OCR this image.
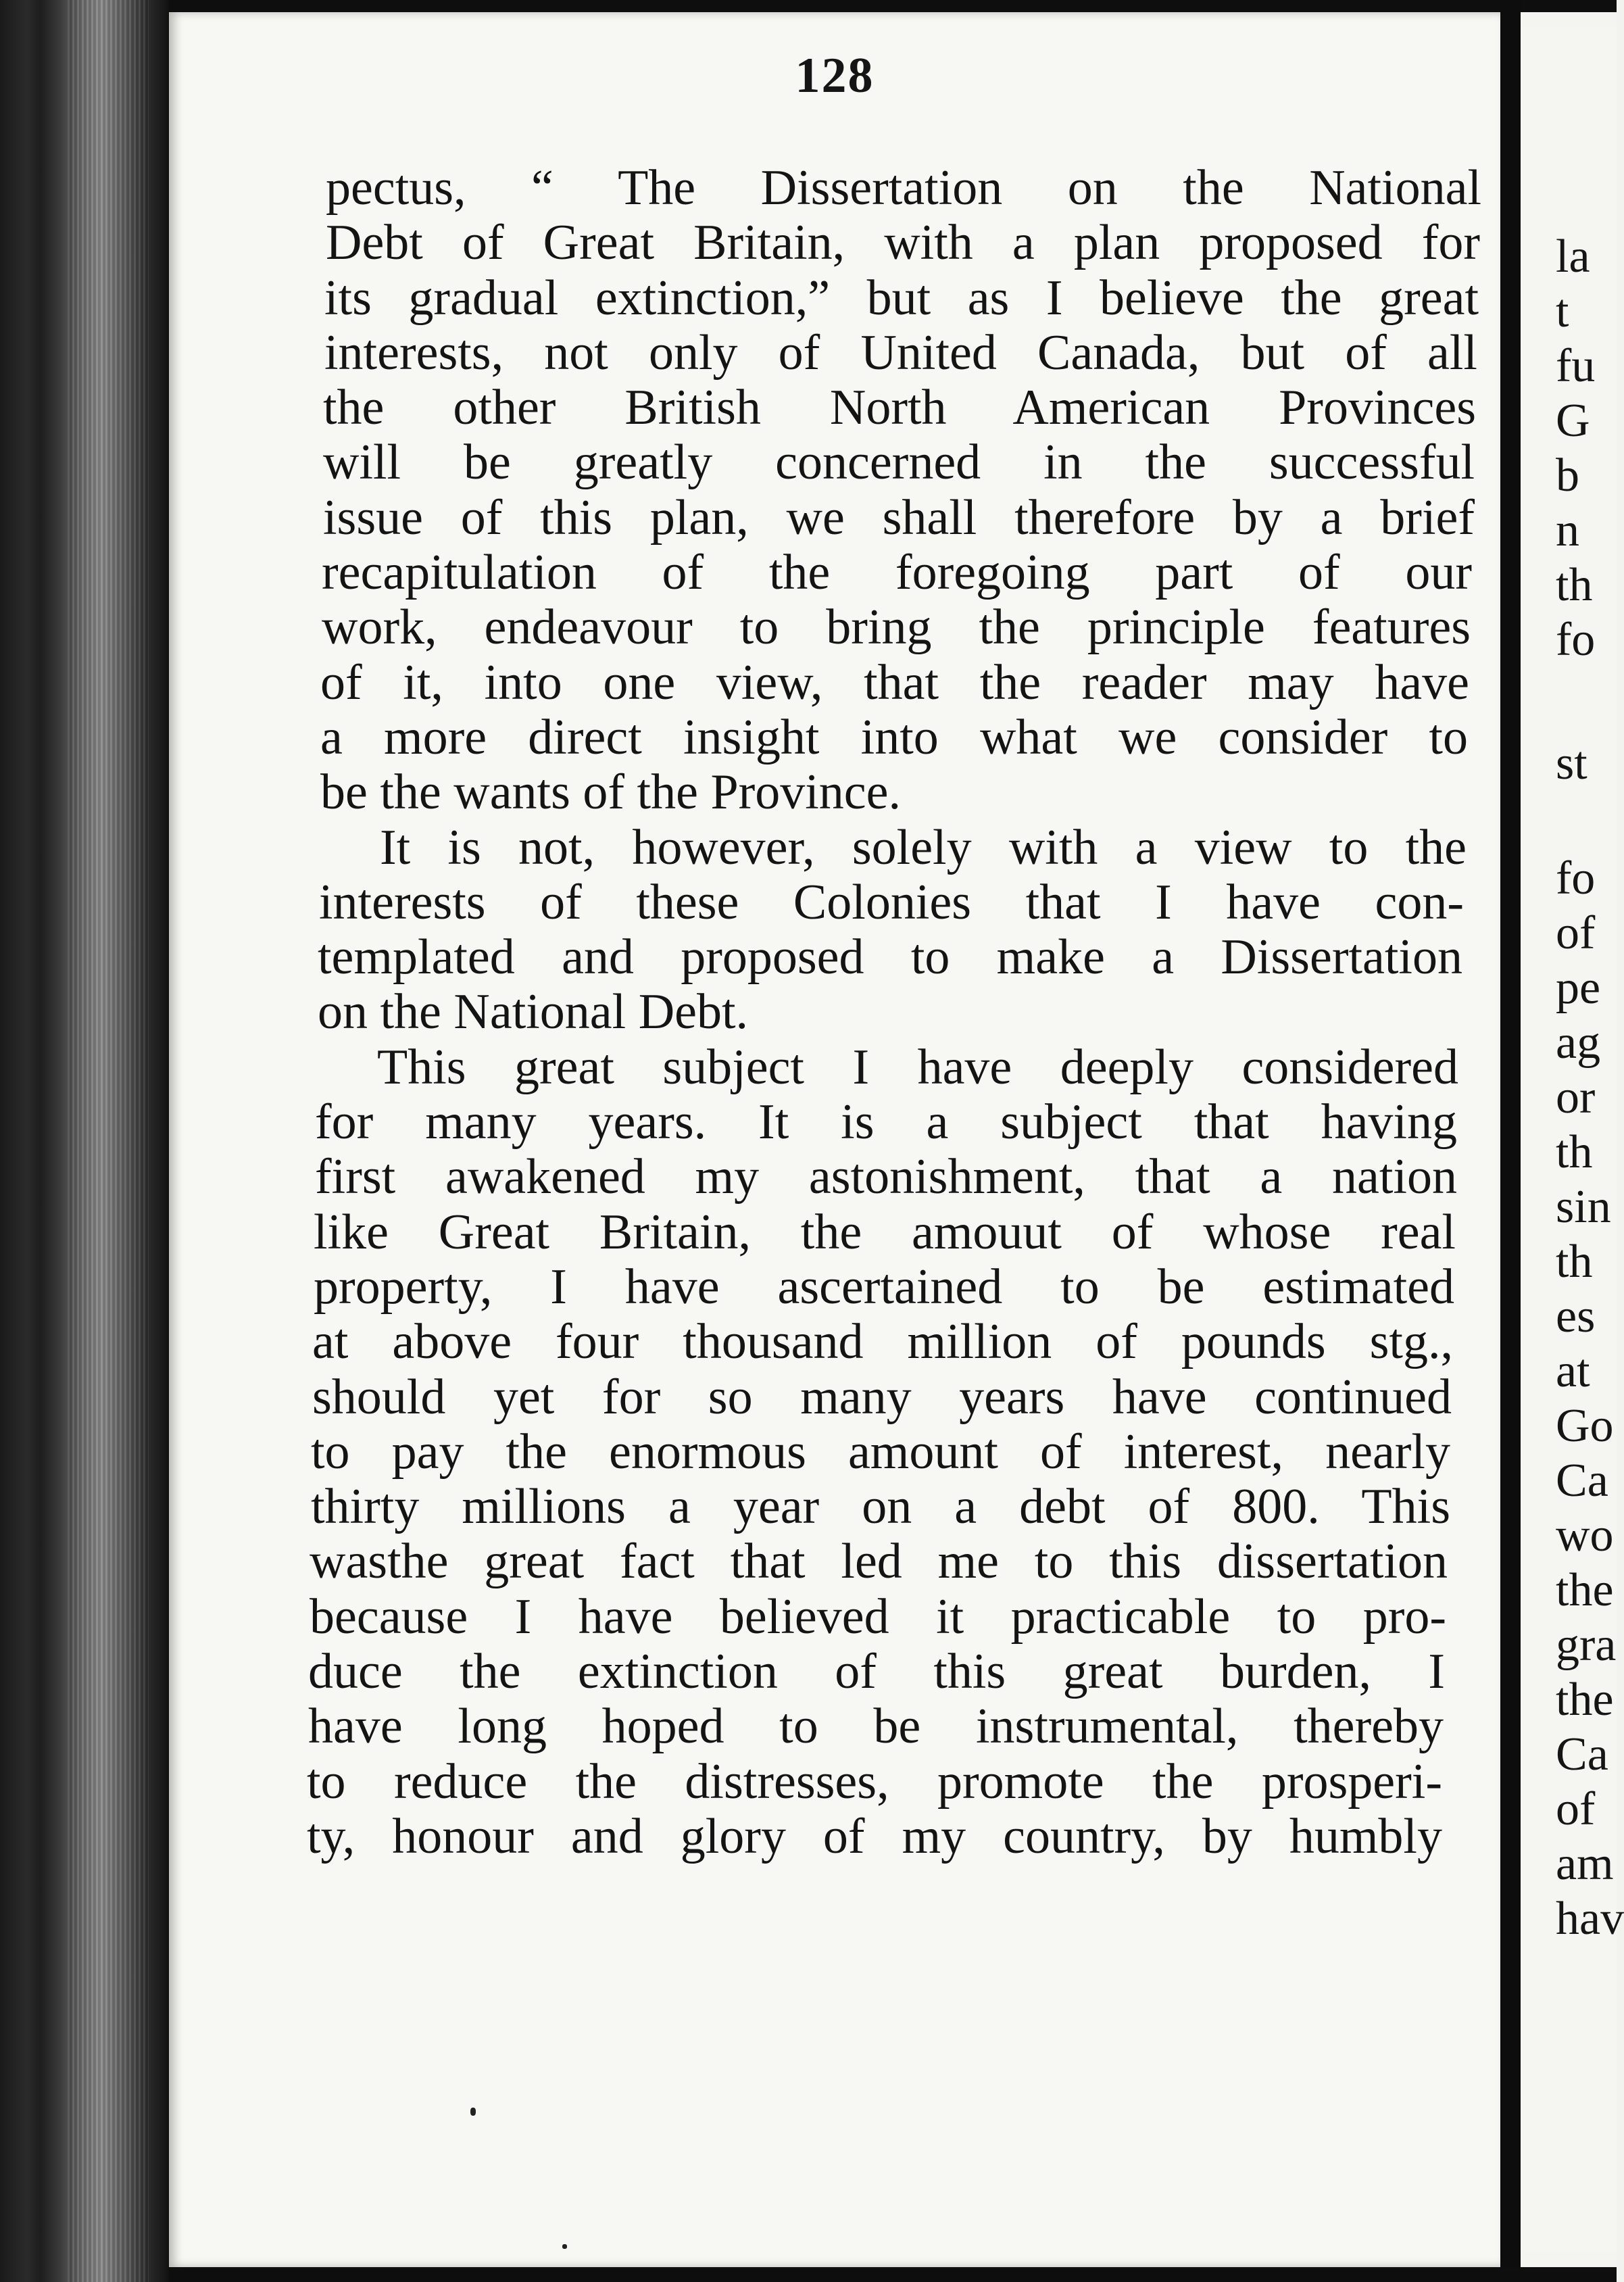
128
pectus, “ The Dissertation on the National
Debt of Great Britain, with a plan proposed for
its gradual extinction,” but as I believe the great
interests, not only of United Canada, but of all
the other British North American Provinces
will be greatly concerned in the successful
issue of this plan, we shall therefore by a brief
recapitulation of the foregoing part of our
work, endeavour to bring the principle features
of it, into one view, that the reader may have
a more direct insight into what we consider to
be the wants of the Province.
It is not, however, solely with a view to the
interests of these Colonies that I have con-
templated and proposed to make a Dissertation
on the National Debt.
This great subject I have deeply considered
for many years. It is a subject that having
first awakened my astonishment, that a nation
like Great Britain, the amouut of whose real
property, I have ascertained to be estimated
at above four thousand million of pounds stg.,
should yet for so many years have continued
to pay the enormous amount of interest, nearly
thirty millions a year on a debt of 800. This
wasthe great fact that led me to this dissertation
because I have believed it practicable to pro-
duce the extinction of this great burden, I
have long hoped to be instrumental, thereby
to reduce the distresses, promote the prosperi-
ty, honour and glory of my country, by humbly
la
t
fu
G
b
n
th
fo
st
fo
of
pe
ag
or
th
sin
th
es
at
Go
Ca
wo
the
gra
the
Ca
of
am
hav
